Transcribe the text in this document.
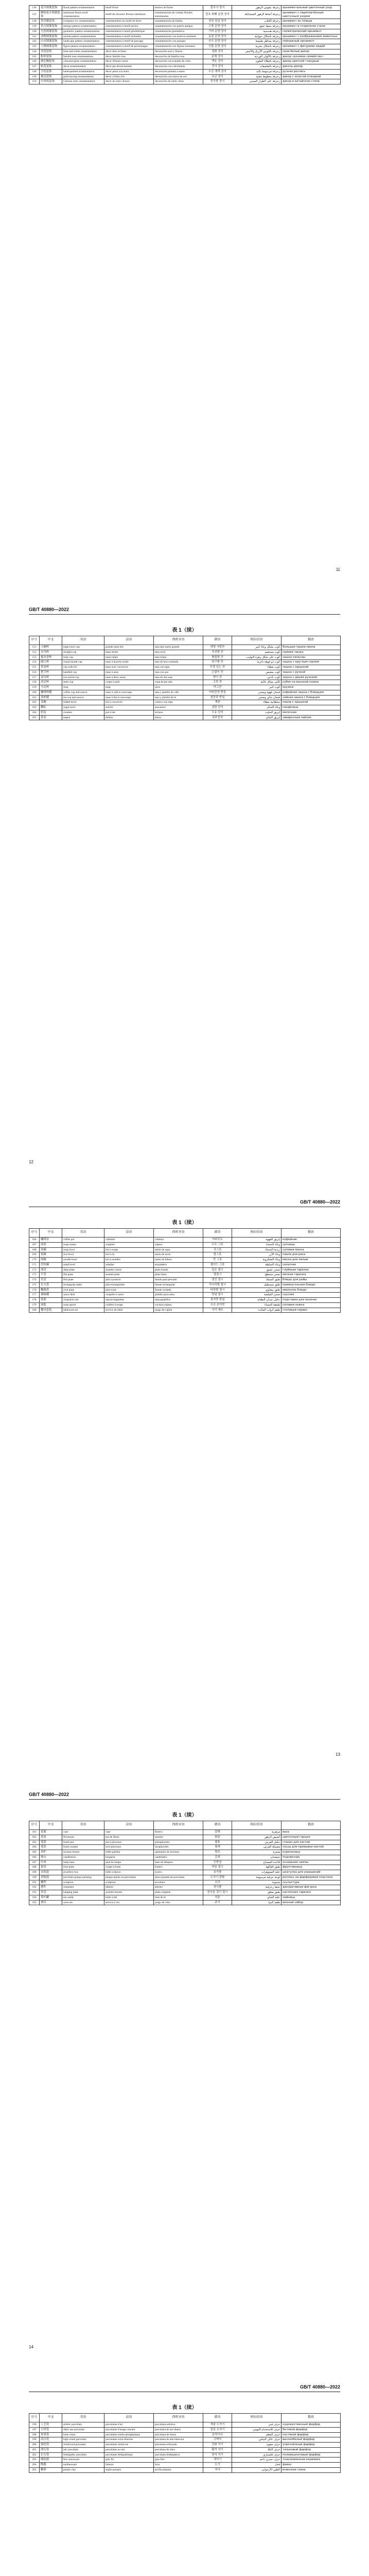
136	花卉图案装饰	floral pattern ornamentation	motif floral	motivo de flores	꽃무늬 장식	زخرفة بنقوش الزهور	орнаментальный цветочный узор
137	缠枝花卉图案装饰	interlaced floral scroll ornamentation	motif de rinceaux floraux entrelacés	ornamentación de volutas florales entrelazadas	당초 화훼 문양 장식	زخرفة أنماط الزهور المتشابكة	орнамент с переплетённым цветочным узором
138	常青藤装饰	evergreen ivy ornamentation	ornementation au motif de lierre	ornamentación de hiedra	상록 덩굴 장식	زخرفة اللبلاب	орнамент из плюща
139	仿古图案装饰	antique pattern ornamentation	ornementation à motif ancien	ornamentación con patrón antiguo	고풍 문양 장식	زخرفة بنمط عتيق	орнамент в старинном стиле
140	几何图案装饰	geometric pattern ornamentation	ornementation à motif géométrique	ornamentación geométrica	기하 문양 장식	زخرفة هندسية	геометрический орнамент
141	动物图案装饰	animal pattern ornamentation	ornementation à motif animalier	ornamentación con motivos animales	동물 문양 장식	زخرفة بأشكال حيوانية	орнамент с изображением животных
142	山水图案装饰	landscape pattern ornamentation	ornementation à motif de paysage	ornamentación con paisajes	산수 문양 장식	زخرفة بمناظر طبيعية	пейзажный орнамент
143	人物图案装饰	figure pattern ornamentation	ornementation à motif de personnages	ornamentación con figuras humanas	인물 문양 장식	زخرفة بأشكال بشرية	орнамент с фигурами людей
144	青花装饰	blue-and-white ornamentation	décor bleu et blanc	decoración azul y blanca	청화 장식	زخرفة باللونين الأزرق والأبيض	сине-белый декор
145	粉彩装饰	famille rose ornamentation	décor famille rose	decoración de familia rosa	분채 장식	زخرفة بالألوان الوردية	декор «розовое семейство»
146	颜色釉装饰	coloured glaze ornamentation	décor d'émail coloré	decoración con esmalte de color	색유 장식	زخرفة بالطلاء الملون	декор цветной глазурью
147	贴花装饰	decal ornamentation	décor par décalcomanie	decoración con calcomanía	전사 장식	زخرفة بالملصقات	деколь-декор
148	手绘装饰	hand-painted ornamentation	décor peint à la main	decoración pintada a mano	수공 채색 장식	زخرفة مرسومة باليد	ручная роспись
149	描金装饰	gold-tracing ornamentation	décor à filets d'or	decoración con trazos de oro	묘금 장식	زخرفة بخطوط ذهبية	декор с золотой отводкой
150	中国风装饰	Chinese style ornamentation	décor de style chinois	decoración de estilo chino	중국풍 장식	زخرفة على الطراز الصيني	декор в китайском стиле
11
GB/T 40880—2022
表 1（续）
序号	中文	英语	法语	西班牙语	韩语	阿拉伯语	俄语
151	大碗杯	large bowl cup	grande tasse bol	taza tipo tazón grande	대형 사발잔	كوب بشكل وعاء كبير	большая чашка-пиала
152	直身杯	straight cup	tasse droite	taza recta	직선형 잔	كوب مستقيم	прямая чашка
153	郁金香杯	tulip cup	tasse tulipe	taza tulipa	튤립형 잔	كوب على شكل زهرة التوليب	чашка-тюльпан
154	圆口杯	round mouth cup	tasse à bouche ronde	taza de boca redonda	원구형 잔	كوب ذو فوهة دائرية	чашка с круглым горлом
155	带盖杯	cup with lid	tasse avec couvercle	taza con tapa	뚜껑 있는 잔	كوب بغطاء	чашка с крышкой
156	把手杯	handled cup	tasse à anse	taza con asa	손잡이 잔	كوب بمقبض	чашка с ручкой
157	双耳杯	two-eared cup	tasse à deux anses	taza de dos asas	양이 잔	كوب بأذنين	чашка с двумя ручками
158	高足杯	stem cup	coupe à pied	copa de pie alto	고족 잔	كأس بساق عالية	кубок на высокой ножке
159	马克杯	mug	mug	jarra	머그잔	كوب كبير	кружка
160	咖啡杯碟	coffee cup and saucer	tasse à café et soucoupe	taza y platillo de café	커피잔과 받침	فنجان قهوة وصحن	кофейная чашка с блюдцем
161	茶杯碟	tea cup and saucer	tasse à thé et soucoupe	taza y platillo de té	찻잔과 받침	فنجان شاي وصحن	чайная чашка с блюдцем
162	盖碗	lidded bowl	bol à couvercle	cuenco con tapa	개완	سلطانية بغطاء	пиала с крышкой
163	糖缸	sugar bowl	sucrier	azucarero	설탕 단지	وعاء السكر	сахарница
164	奶盅	creamer	pot à lait	lechera	우유 단지	إبريق الحليب	молочник
165	茶壶	teapot	théière	tetera	찻주전자	إبريق الشاي	заварочный чайник
12
GB/T 40880—2022
表 1（续）
序号	中文	英语	法语	西班牙语	韩语	阿拉伯语	俄语
166	咖啡壶	coffee pot	cafetière	cafetera	커피포트	إبريق القهوة	кофейник
167	汤盆	soup tureen	soupière	sopera	수프 그릇	وعاء الحساء	супница
168	汤碗	soup bowl	bol à soupe	tazón de sopa	국그릇	زبدية الحساء	суповая миска
169	饭碗	rice bowl	bol à riz	tazón de arroz	밥그릇	وعاء الأرز	пиала для риса
170	面碗	noodle bowl	bol à nouilles	tazón de fideos	면 그릇	وعاء المعكرونة	миска для лапши
171	沙拉碗	salad bowl	saladier	ensaladera	샐러드 그릇	وعاء السلطة	салатник
172	深盘	deep plate	assiette creuse	plato hondo	깊은 접시	صحن عميق	глубокая тарелка
173	平盘	flat plate	assiette plate	plato llano	평접시	صحن مسطح	мелкая тарелка
174	鱼盘	fish plate	plat à poisson	fuente para pescado	생선 접시	طبق السمك	блюдо для рыбы
175	长方盘	rectangular plate	plat rectangulaire	fuente rectangular	직사각형 접시	طبق مستطيل	прямоугольное блюдо
176	椭圆盘	oval plate	plat ovale	fuente ovalada	타원형 접시	طبق بيضاوي	овальное блюдо
177	调味碟	sauce dish	coupelle à sauce	platillo para salsa	양념 접시	صحن الصلصة	соусник
178	筷架	chopstick rest	repose-baguettes	reposapalillos	젓가락 받침	حامل عيدان الطعام	подставка для палочек
179	汤匙	soup spoon	cuillère à soupe	cuchara sopera	수프 숟가락	ملعقة الحساء	суповая ложка
180	餐具套装	tableware set	service de table	juego de vajilla	식기 세트	طقم أدوات المائدة	столовый сервиз
13
GB/T 40880—2022
表 1（续）
序号	中文	英语	法语	西班牙语	韩语	阿拉伯语	俄语
181	花瓶	vase	vase	florero	꽃병	مزهرية	ваза
182	花盆	flowerpot	pot de fleurs	maceta	화분	أصيص الزهور	цветочный горшок
183	笔筒	brush pot	pot à pinceaux	portapinceles	필통	حامل الفرش	стакан для кистей
184	笔洗	brush washer	lave-pinceaux	lavapinceles	필세	مغسلة الفرش	сосуд для промывки кистей
185	香炉	incense burner	brûle-parfum	quemador de incienso	향로	مبخرة	курильница
186	烛台	candlestick	bougeoir	candelabro	촛대	شمعدان	подсвечник
187	灯座	lamp base	pied de lampe	base de lámpara	등받침	قاعدة المصباح	основание лампы
188	果盘	fruit plate	coupe à fruits	frutero	과일 접시	طبق الفاكهة	фруктовница
189	首饰盒	jewellery box	boîte à bijoux	joyero	보석함	علبة المجوهرات	шкатулка для украшений
190	瓷板画	porcelain plaque painting	plaque peinte en porcelaine	placa pintada de porcelana	도자기 판화	لوحة خزفية مرسومة	роспись на фарфоровой пластине
191	雕塑	sculpture	sculpture	escultura	조각	منحوتة	скульптура
192	摆件	ornament	bibelot	adorno	장식품	تحفة زخرفية	декоративная фигурка
193	挂盘	hanging plate	assiette murale	plato colgante	장식용 걸이 접시	طبق معلق	настенная тарелка
194	茶叶罐	tea caddy	boîte à thé	bote de té	차통	علبة الشاي	чайница
195	酒具	wine set	service à vin	juego de vino	주기	طقم النبيذ	винный набор
14
GB/T 40880—2022
表 1（续）
序号	中文	英语	法语	西班牙语	韩语	阿拉伯语	俄语
196	工艺瓷	artistic porcelain	porcelaine d'art	porcelana artística	예술 도자기	خزف فني	художественный фарфор
197	日用瓷	daily-use porcelain	porcelaine d'usage courant	porcelana de uso diario	일용 도자기	خزف للاستخدام اليومي	бытовой фарфор
198	骨质瓷	bone china	porcelaine tendre phosphatique	porcelana de hueso	본차이나	خزف العظم	костяной фарфор
199	高白瓷	high-white porcelain	porcelaine extra-blanche	porcelana de alta blancura	고백자	خزف عالي البياض	высокобелый фарфор
200	强化瓷	reinforced porcelain	porcelaine renforcée	porcelana reforzada	강화 자기	خزف مقوى	упрочнённый фарфор
201	滑石瓷	talc porcelain	porcelaine au talc	porcelana de talco	활석 자기	خزف التلك	тальковый фарфор
202	长石瓷	feldspathic porcelain	porcelaine feldspathique	porcelana feldespática	장석 자기	خزف فلسباري	полевошпатовый фарфор
203	细炻器	fine stoneware	grès fin	gres fino	세석기	خزف حجري ناعم	тонкокаменная керамика
204	陶器	earthenware	faïence	loza	도기	فخار	фаянс
205	紫砂	purple clay	argile pourpre	arcilla púrpura	자사	الطين الأرجواني	исинская глина
